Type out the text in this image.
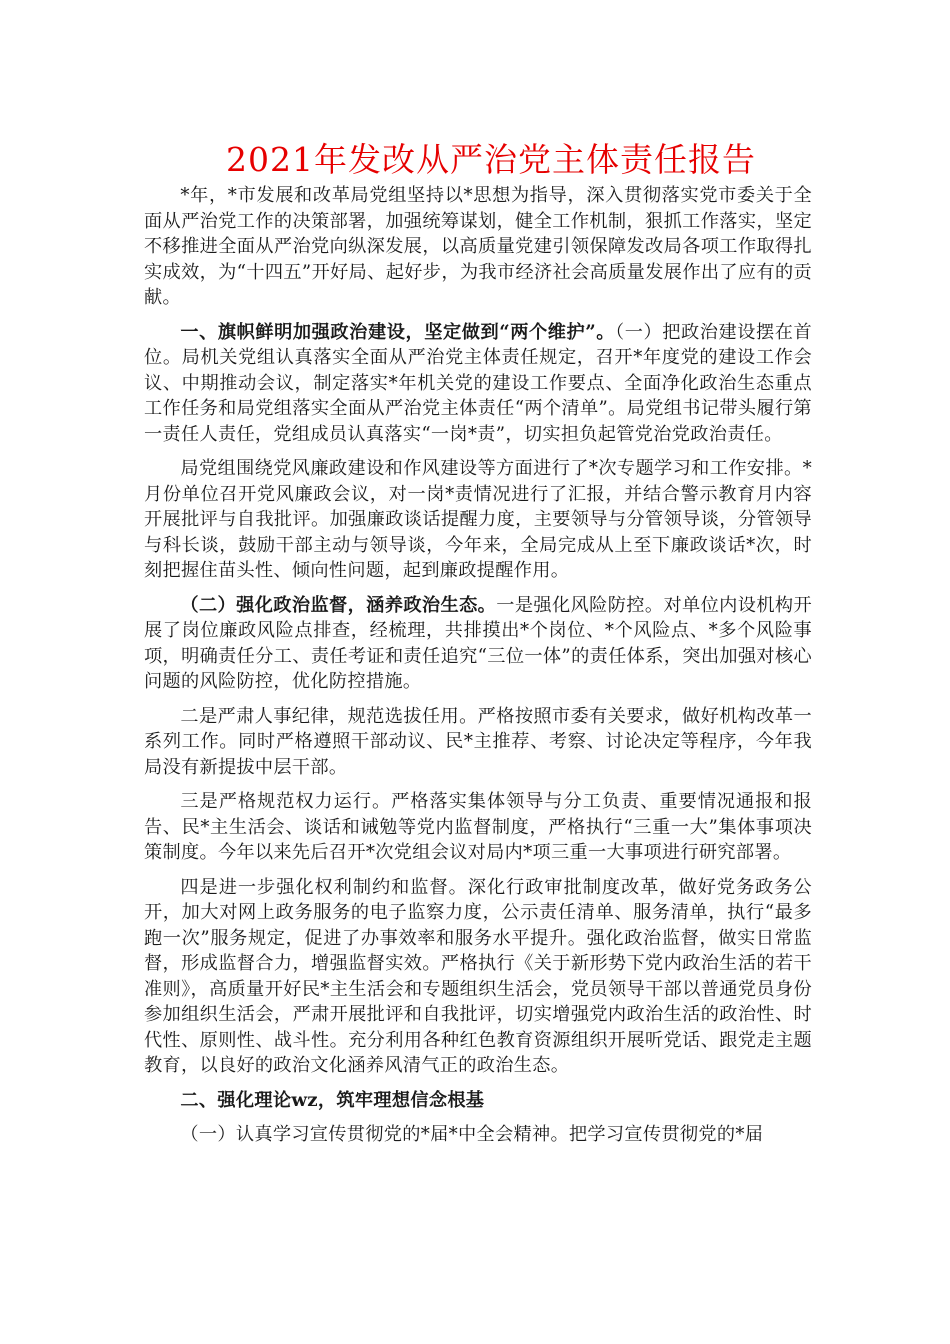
2021年发改从严治党主体责任报告

*年，*市发展和改革局党组坚持以*思想为指导，深入贯彻落实党市委关于全面从严治党工作的决策部署，加强统筹谋划，健全工作机制，狠抓工作落实，坚定不移推进全面从严治党向纵深发展，以高质量党建引领保障发改局各项工作取得扎实成效，为“十四五”开好局、起好步，为我市经济社会高质量发展作出了应有的贡献。

一、旗帜鲜明加强政治建设，坚定做到“两个维护”。（一）把政治建设摆在首位。局机关党组认真落实全面从严治党主体责任规定，召开*年度党的建设工作会议、中期推动会议，制定落实*年机关党的建设工作要点、全面净化政治生态重点工作任务和局党组落实全面从严治党主体责任“两个清单”。局党组书记带头履行第一责任人责任，党组成员认真落实“一岗*责”，切实担负起管党治党政治责任。

局党组围绕党风廉政建设和作风建设等方面进行了*次专题学习和工作安排。*月份单位召开党风廉政会议，对一岗*责情况进行了汇报，并结合警示教育月内容开展批评与自我批评。加强廉政谈话提醒力度，主要领导与分管领导谈，分管领导与科长谈，鼓励干部主动与领导谈，今年来，全局完成从上至下廉政谈话*次，时刻把握住苗头性、倾向性问题，起到廉政提醒作用。

（二）强化政治监督，涵养政治生态。一是强化风险防控。对单位内设机构开展了岗位廉政风险点排查，经梳理，共排摸出*个岗位、*个风险点、*多个风险事项，明确责任分工、责任考证和责任追究“三位一体”的责任体系，突出加强对核心问题的风险防控，优化防控措施。

二是严肃人事纪律，规范选拔任用。严格按照市委有关要求，做好机构改革一系列工作。同时严格遵照干部动议、民*主推荐、考察、讨论决定等程序，今年我局没有新提拔中层干部。

三是严格规范权力运行。严格落实集体领导与分工负责、重要情况通报和报告、民*主生活会、谈话和诫勉等党内监督制度，严格执行“三重一大”集体事项决策制度。今年以来先后召开*次党组会议对局内*项三重一大事项进行研究部署。

四是进一步强化权利制约和监督。深化行政审批制度改革，做好党务政务公开，加大对网上政务服务的电子监察力度，公示责任清单、服务清单，执行“最多跑一次”服务规定，促进了办事效率和服务水平提升。强化政治监督，做实日常监督，形成监督合力，增强监督实效。严格执行《关于新形势下党内政治生活的若干准则》，高质量开好民*主生活会和专题组织生活会，党员领导干部以普通党员身份参加组织生活会，严肃开展批评和自我批评，切实增强党内政治生活的政治性、时代性、原则性、战斗性。充分利用各种红色教育资源组织开展听党话、跟党走主题教育，以良好的政治文化涵养风清气正的政治生态。

二、强化理论wz，筑牢理想信念根基

（一）认真学习宣传贯彻党的*届*中全会精神。把学习宣传贯彻党的*届
